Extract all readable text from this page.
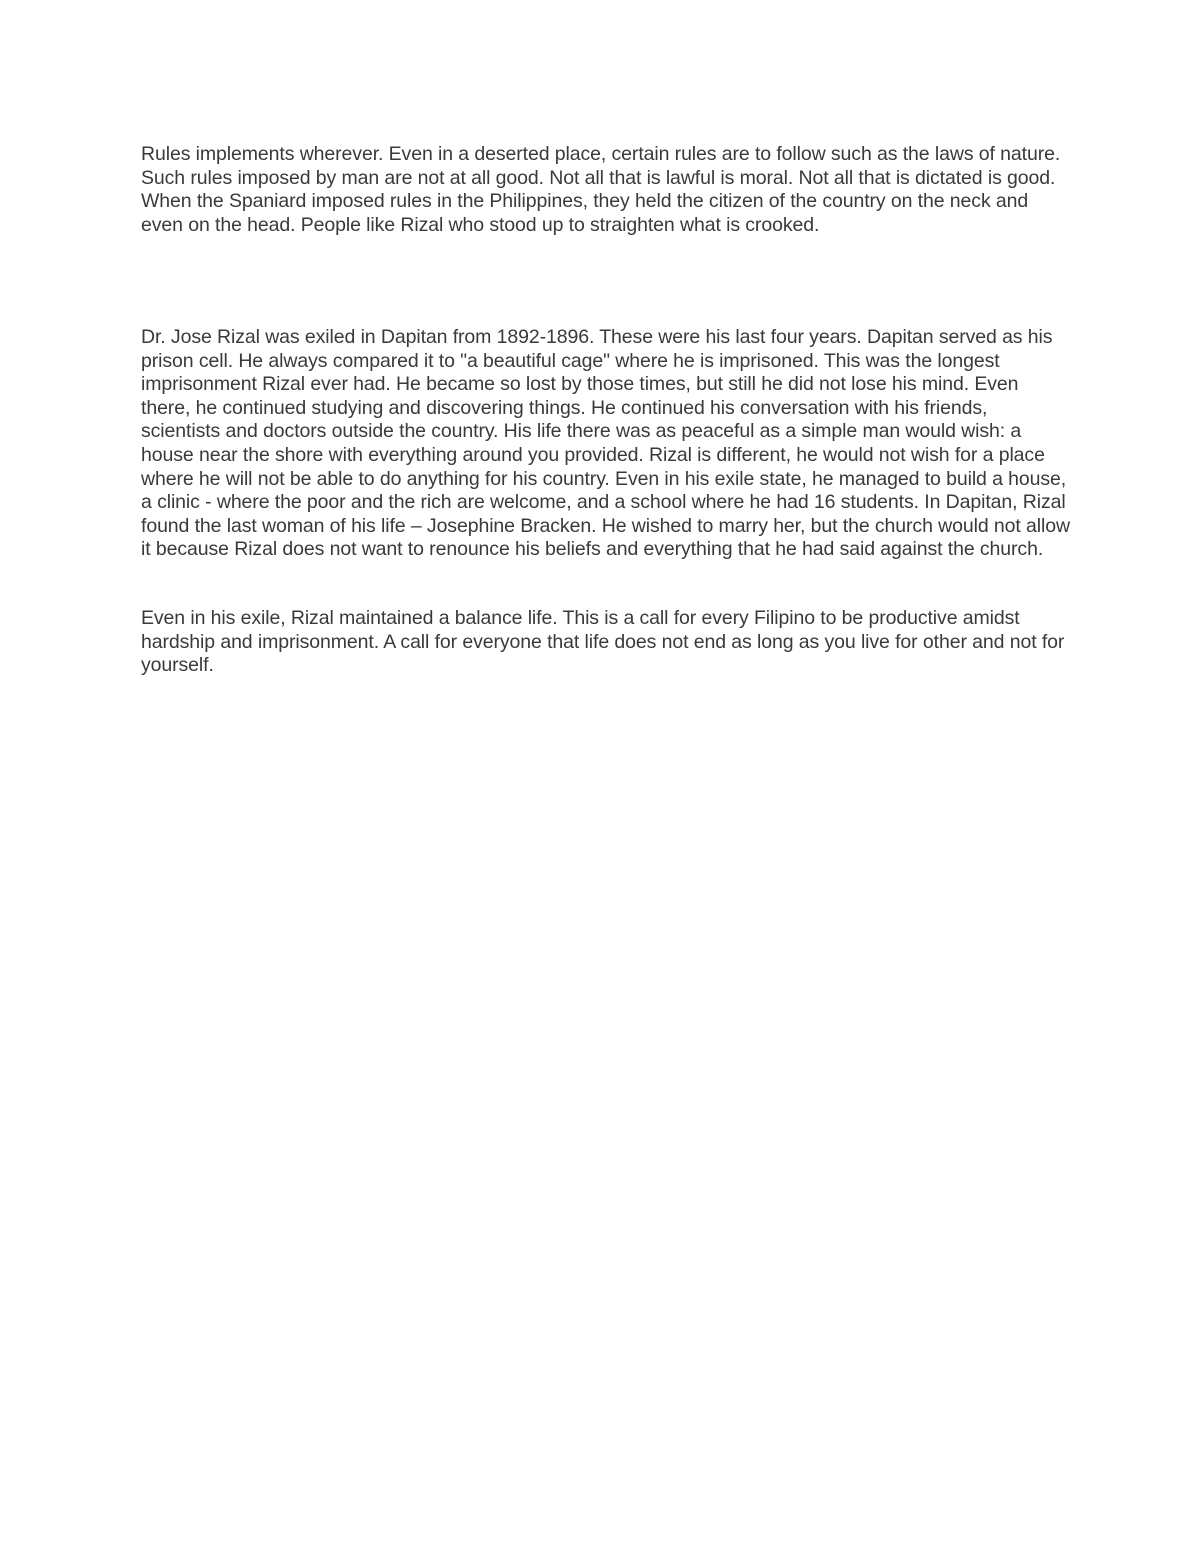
Rules implements wherever. Even in a deserted place, certain rules are to follow such as the laws of nature. Such rules imposed by man are not at all good. Not all that is lawful is moral. Not all that is dictated is good. When the Spaniard imposed rules in the Philippines, they held the citizen of the country on the neck and even on the head. People like Rizal who stood up to straighten what is crooked.

Dr. Jose Rizal was exiled in Dapitan from 1892-1896. These were his last four years. Dapitan served as his prison cell. He always compared it to "a beautiful cage" where he is imprisoned. This was the longest imprisonment Rizal ever had. He became so lost by those times, but still he did not lose his mind. Even there, he continued studying and discovering things. He continued his conversation with his friends, scientists and doctors outside the country. His life there was as peaceful as a simple man would wish: a house near the shore with everything around you provided. Rizal is different, he would not wish for a place where he will not be able to do anything for his country. Even in his exile state, he managed to build a house, a clinic - where the poor and the rich are welcome, and a school where he had 16 students. In Dapitan, Rizal found the last woman of his life – Josephine Bracken. He wished to marry her, but the church would not allow it because Rizal does not want to renounce his beliefs and everything that he had said against the church.

Even in his exile, Rizal maintained a balance life. This is a call for every Filipino to be productive amidst hardship and imprisonment. A call for everyone that life does not end as long as you live for other and not for yourself.
